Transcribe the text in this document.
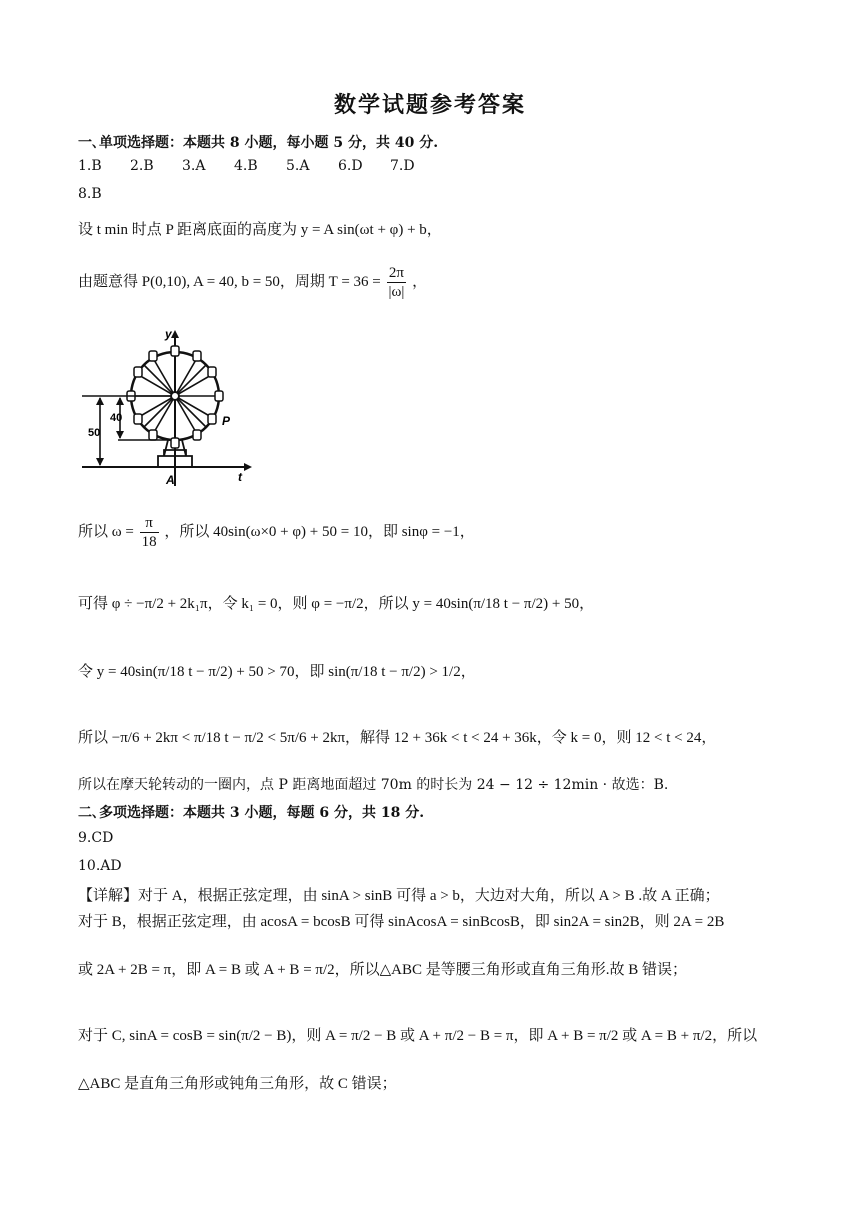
数学试题参考答案
一､单项选择题：本题共 8 小题，每小题 5 分，共 40 分.
1.B 2.B 3.A 4.B 5.A 6.D 7.D
8.B
设 t min 时点 P 距离底面的高度为 y = A sin(ωt + φ) + b，
由题意得 P(0,10), A = 40, b = 50，周期 $T = 36 = \frac{2\pi}{|\omega|}$ ，
40
50
y
t
A
P
所以 $\omega = \frac{\pi}{18}$ ，所以 40sin(ω×0 + φ) + 50 = 10，即 sinφ = −1，
可得 φ ÷ −π/2 + 2k₁π，令 k₁ = 0，则 φ = −π/2，所以 y = 40sin(π/18 t − π/2) + 50，
令 y = 40sin(π/18 t − π/2) + 50 > 70，即 sin(π/18 t − π/2) > 1/2，
所以 −π/6 + 2kπ < π/18 t − π/2 < 5π/6 + 2kπ，解得 12 + 36k < t < 24 + 36k，令 k = 0，则 12 < t < 24，
所以在摩天轮转动的一圈内，点 P 距离地面超过 70m 的时长为 24 − 12 ÷ 12min · 故选：B.
二､多项选择题：本题共 3 小题，每题 6 分，共 18 分.
9.CD
10.AD
【详解】对于 A，根据正弦定理，由 sinA > sinB 可得 a > b，大边对大角，所以 A > B .故 A 正确；
对于 B，根据正弦定理，由 acosA = bcosB 可得 sinAcosA = sinBcosB，即 sin2A = sin2B，则 2A = 2B
或 2A + 2B = π，即 A = B 或 A + B = π/2，所以△ABC 是等腰三角形或直角三角形.故 B 错误；
对于 C, sinA = cosB = sin(π/2 − B)，则 A = π/2 − B 或 A + π/2 − B = π，即 A + B = π/2 或 A = B + π/2，所以
△ABC 是直角三角形或钝角三角形，故 C 错误；
